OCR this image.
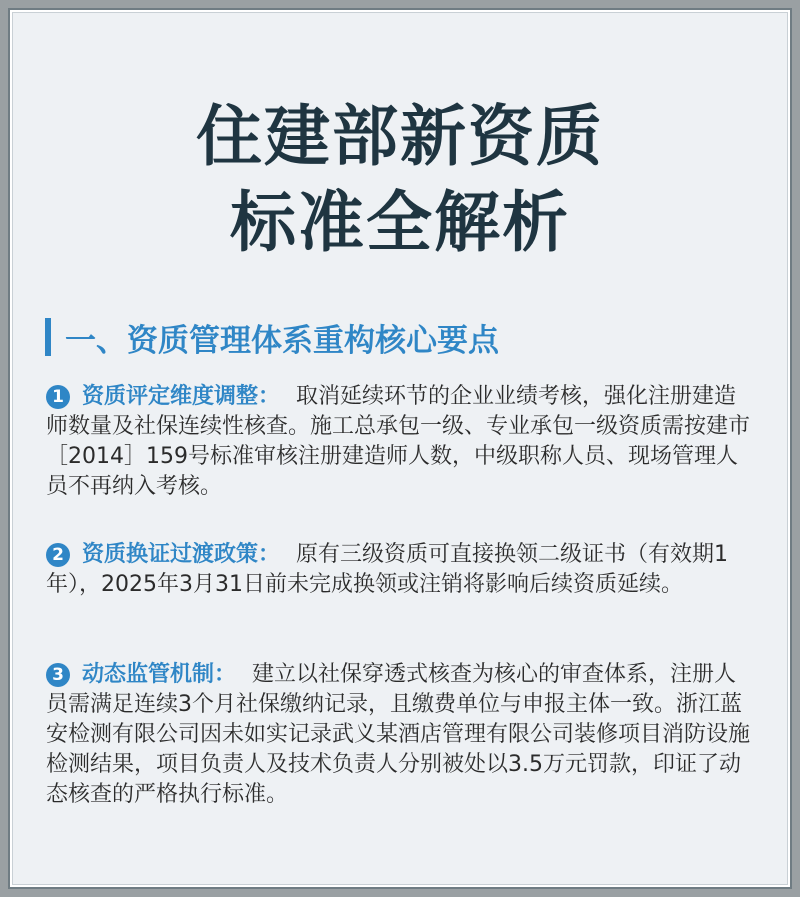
住建部新资质
标准全解析
一、资质管理体系重构核心要点

1 资质评定维度调整： 取消延续环节的企业业绩考核，强化注册建造师数量及社保连续性核查。施工总承包一级、专业承包一级资质需按建市［2014］159号标准审核注册建造师人数，中级职称人员、现场管理人员不再纳入考核。

2 资质换证过渡政策： 原有三级资质可直接换领二级证书（有效期1年），2025年3月31日前未完成换领或注销将影响后续资质延续。

3 动态监管机制： 建立以社保穿透式核查为核心的审查体系，注册人员需满足连续3个月社保缴纳记录，且缴费单位与申报主体一致。浙江蓝安检测有限公司因未如实记录武义某酒店管理有限公司装修项目消防设施检测结果，项目负责人及技术负责人分别被处以3.5万元罚款，印证了动态核查的严格执行标准。
